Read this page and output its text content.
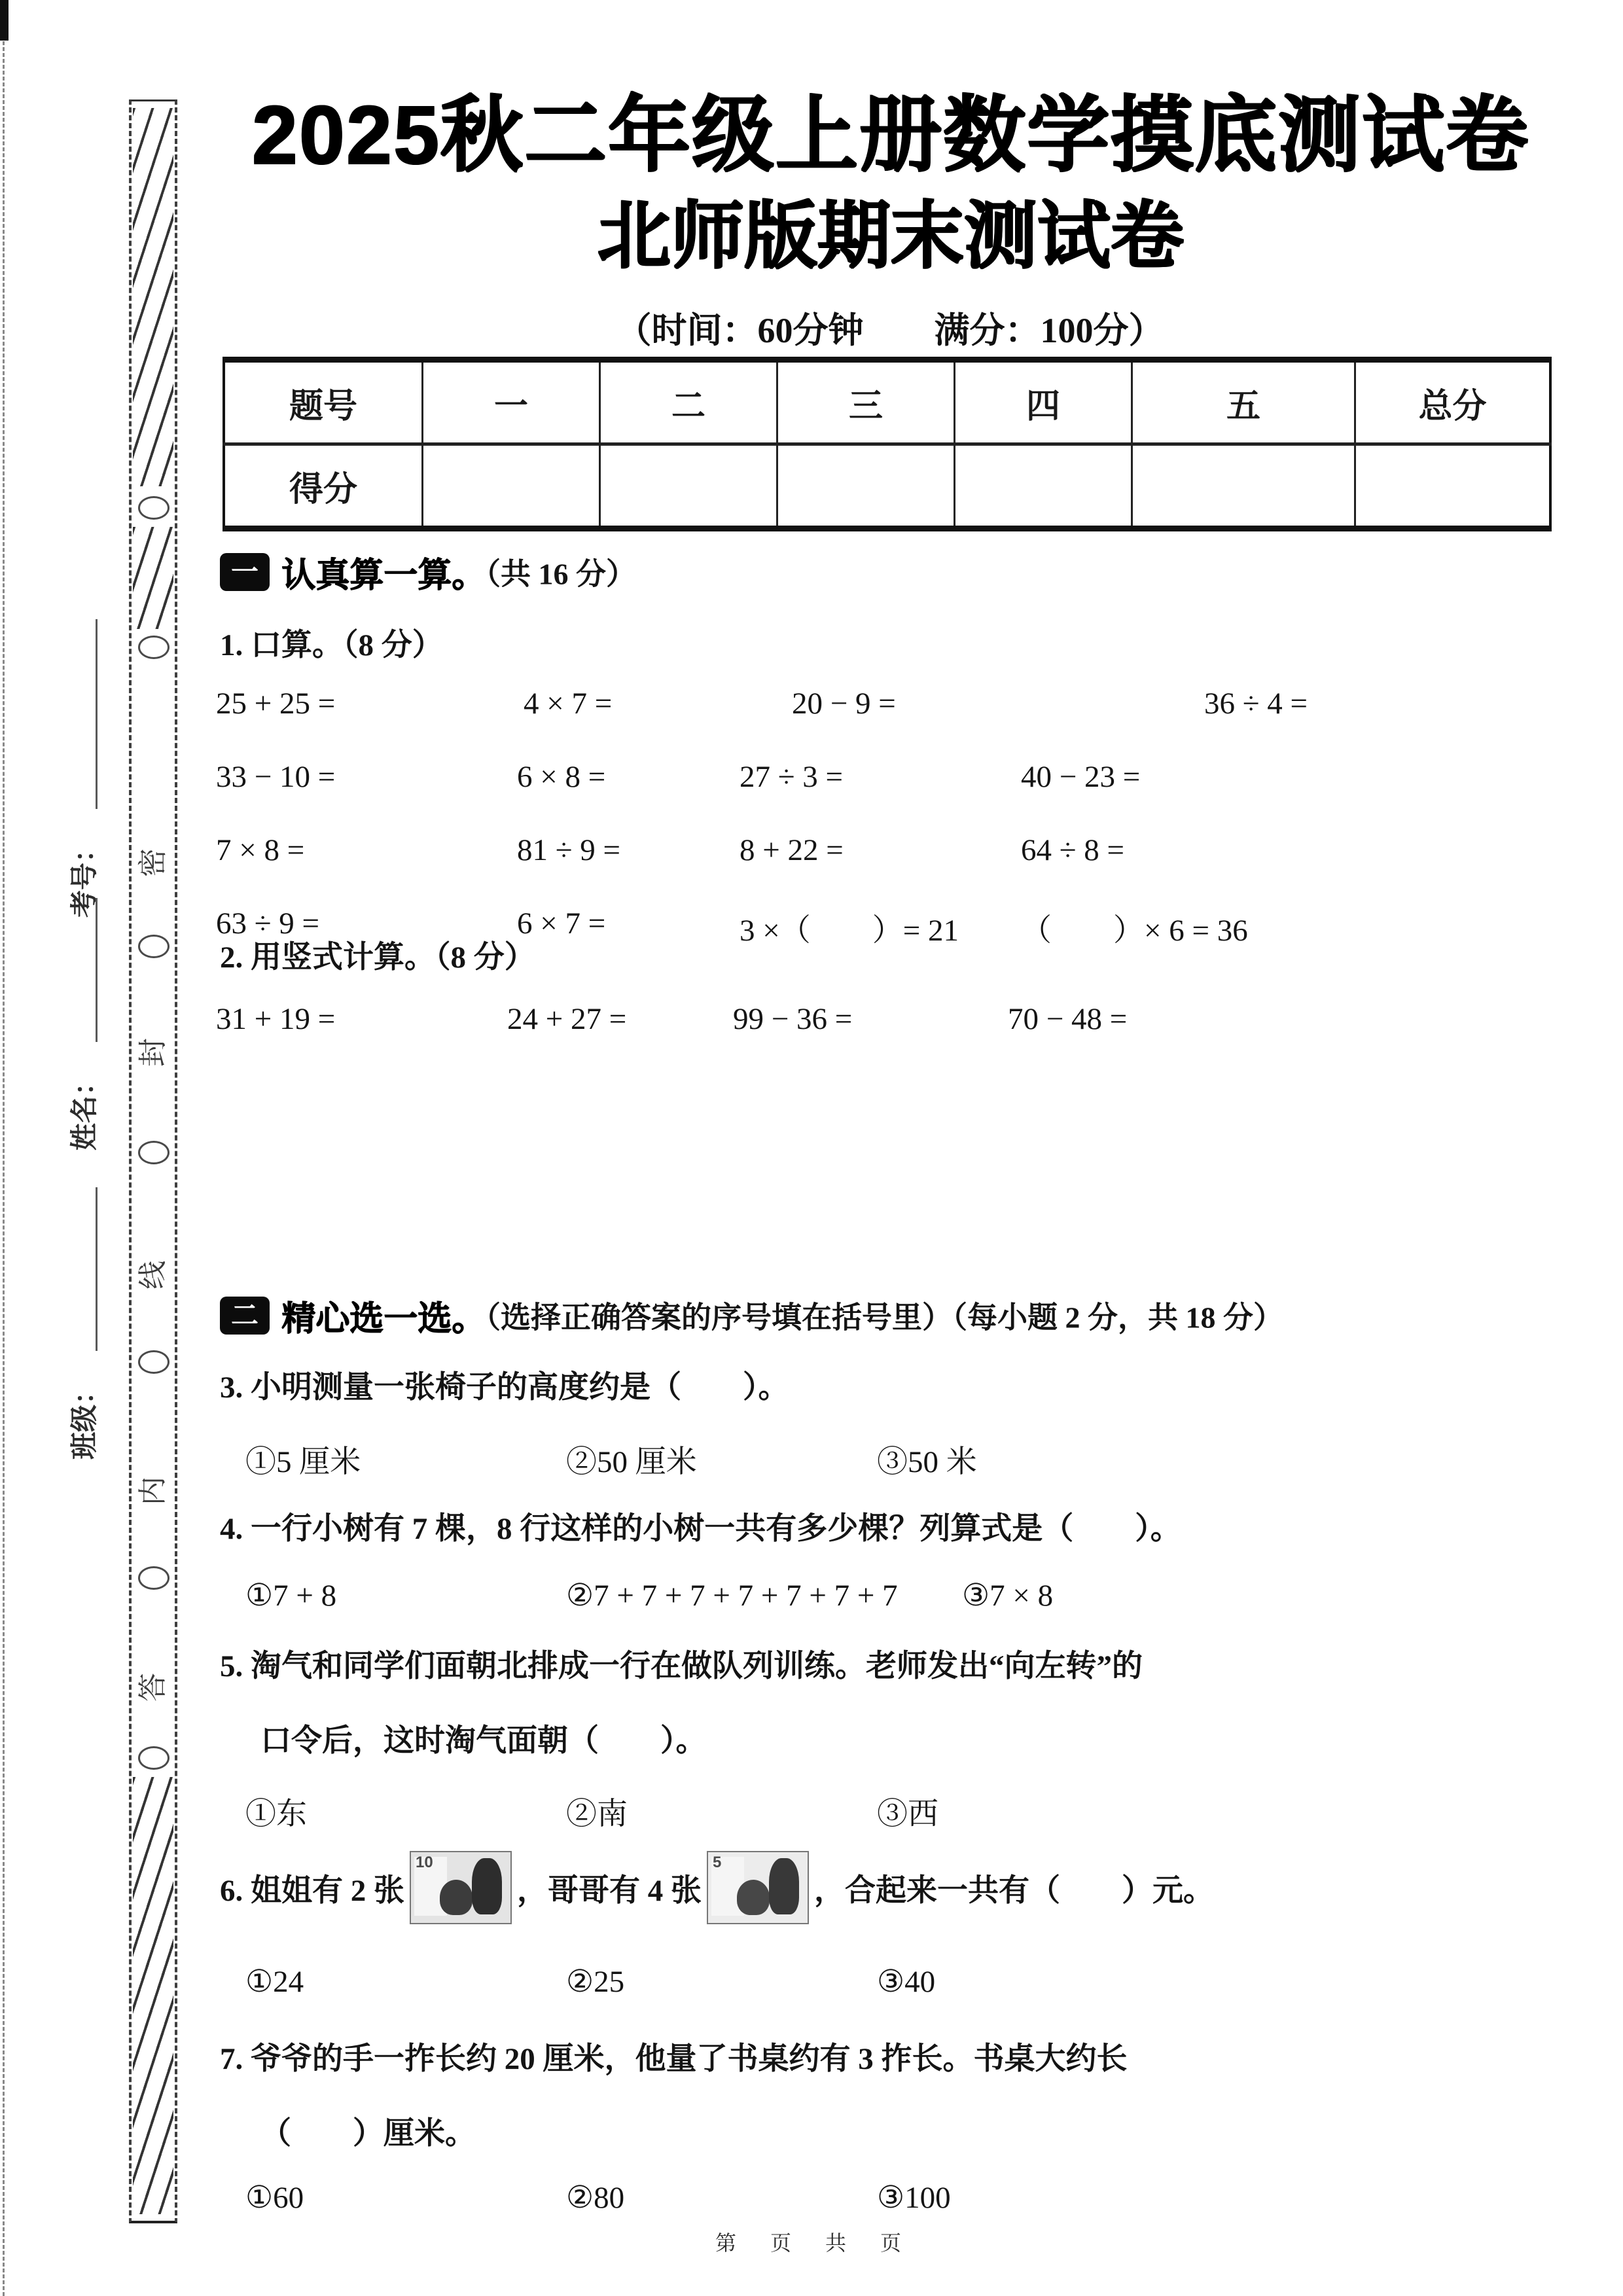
密
封
线
内
答
考号：
姓名：
班级：
2025秋二年级上册数学摸底测试卷
北师版期末测试卷
（时间：60分钟　　满分：100分）
题号	一	二	三	四	五	总分
得分						
一 认真算一算。（共 16 分）
1. 口算。（8 分）
25 + 25 =	4 × 7 =	20 − 9 =	36 ÷ 4 =
33 − 10 =	6 × 8 =	27 ÷ 3 =	40 − 23 =
7 × 8 =	81 ÷ 9 =	8 + 22 =	64 ÷ 8 =
63 ÷ 9 =	6 × 7 =	3 ×（　　）= 21 （　　）× 6 = 36
2. 用竖式计算。（8 分）
31 + 19 =	24 + 27 =	99 − 36 =	70 − 48 =
二 精心选一选。（选择正确答案的序号填在括号里）（每小题 2 分，共 18 分）
3. 小明测量一张椅子的高度约是（　　）。
①5 厘米	②50 厘米	③50 米
4. 一行小树有 7 棵，8 行这样的小树一共有多少棵？列算式是（　　）。
①7 + 8	②7 + 7 + 7 + 7 + 7 + 7 + 7 ③7 × 8
5. 淘气和同学们面朝北排成一行在做队列训练。老师发出“向左转”的
口令后，这时淘气面朝（　　）。
①东	②南	③西
6. 姐姐有 2 张
10
，哥哥有 4 张
5
，合起来一共有（　　）元。
①24	②25	③40
7. 爷爷的手一拃长约 20 厘米，他量了书桌约有 3 拃长。书桌大约长
（　　）厘米。
①60	②80	③100
第　页　共　页
